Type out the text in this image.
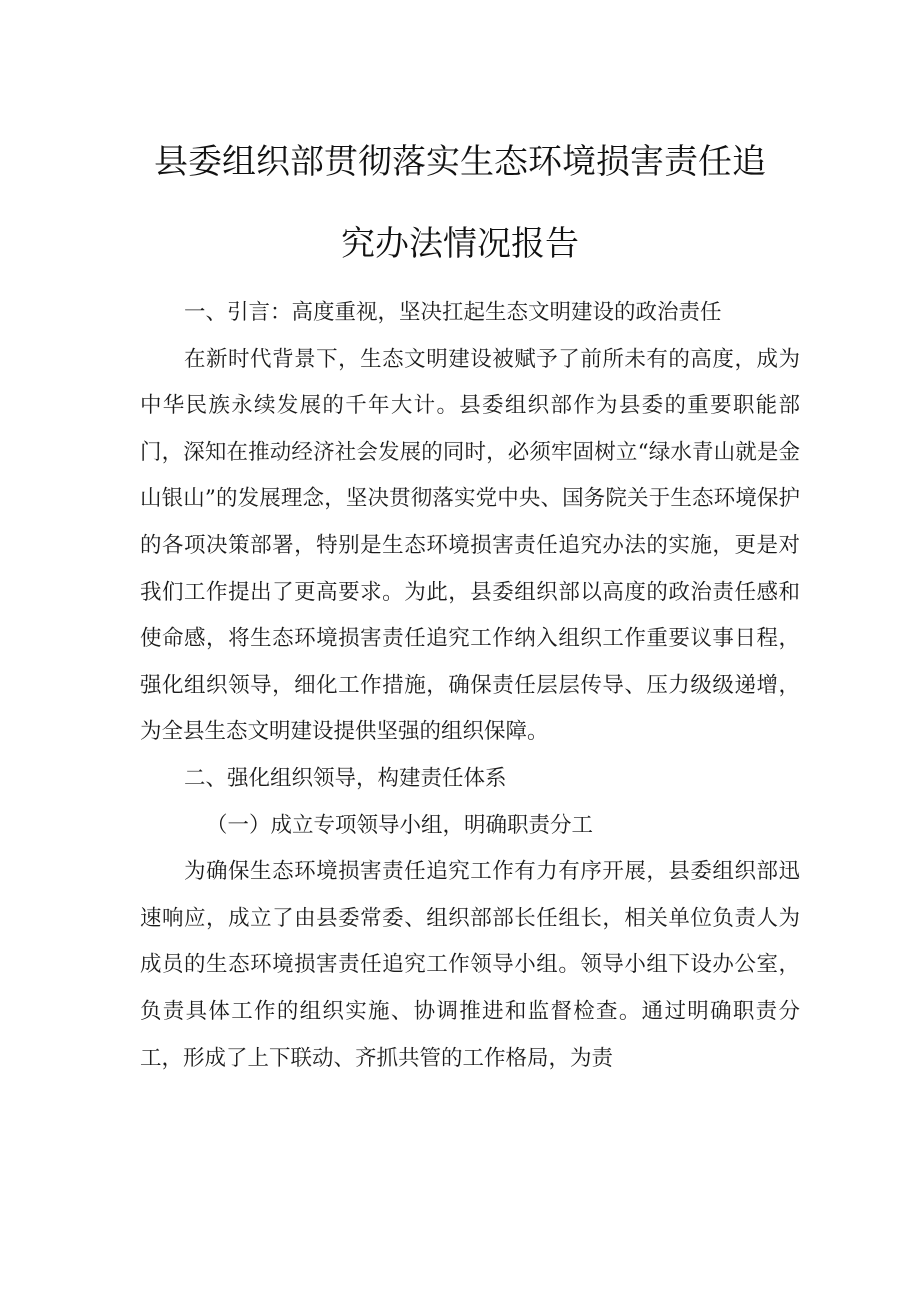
县委组织部贯彻落实生态环境损害责任追
究办法情况报告

一、引言：高度重视，坚决扛起生态文明建设的政治责任

在新时代背景下，生态文明建设被赋予了前所未有的高度，成为中华民族永续发展的千年大计。县委组织部作为县委的重要职能部门，深知在推动经济社会发展的同时，必须牢固树立“绿水青山就是金山银山”的发展理念，坚决贯彻落实党中央、国务院关于生态环境保护的各项决策部署，特别是生态环境损害责任追究办法的实施，更是对我们工作提出了更高要求。为此，县委组织部以高度的政治责任感和使命感，将生态环境损害责任追究工作纳入组织工作重要议事日程，强化组织领导，细化工作措施，确保责任层层传导、压力级级递增，为全县生态文明建设提供坚强的组织保障。

二、强化组织领导，构建责任体系

（一）成立专项领导小组，明确职责分工

为确保生态环境损害责任追究工作有力有序开展，县委组织部迅速响应，成立了由县委常委、组织部部长任组长，相关单位负责人为成员的生态环境损害责任追究工作领导小组。领导小组下设办公室，负责具体工作的组织实施、协调推进和监督检查。通过明确职责分工，形成了上下联动、齐抓共管的工作格局，为责
